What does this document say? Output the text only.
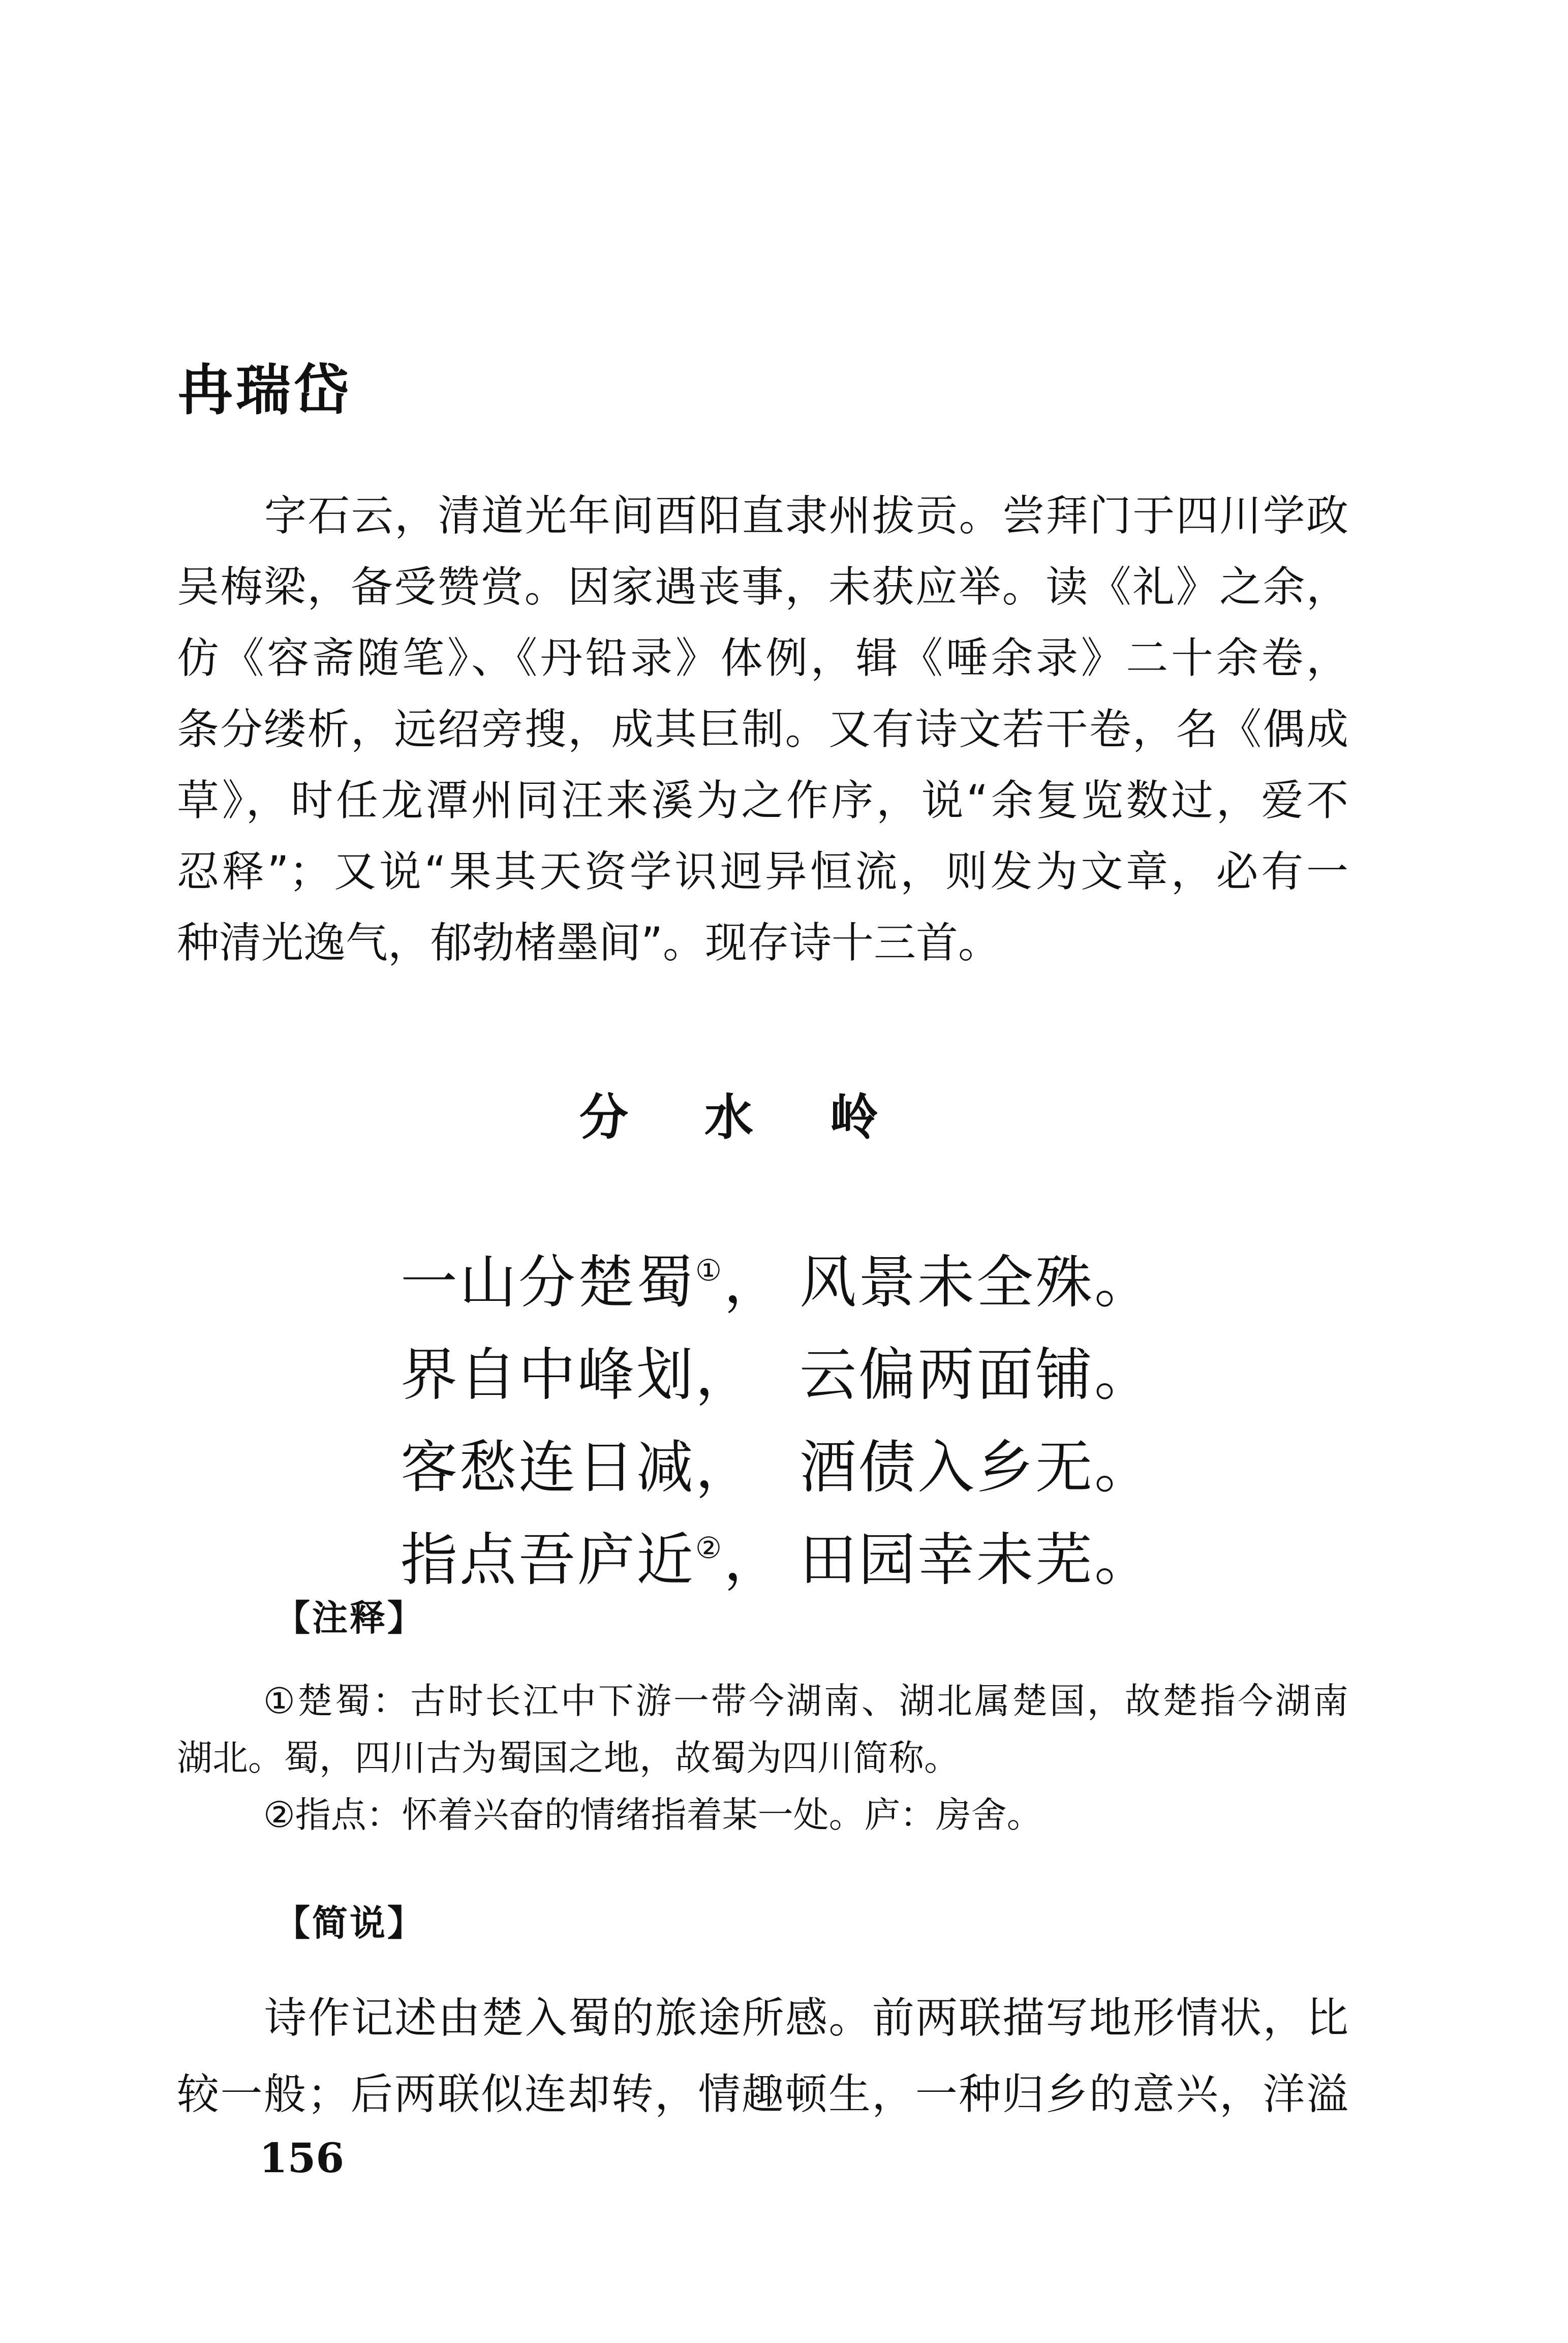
冉瑞岱
字石云，清道光年间酉阳直隶州拔贡。尝拜门于四川学政
吴梅梁，备受赞赏。因家遇丧事，未获应举。读《礼》之余，
仿《容斋随笔》、《丹铅录》体例，辑《唾余录》二十余卷，
条分缕析，远绍旁搜，成其巨制。又有诗文若干卷，名《偶成
草》，时任龙潭州同汪来溪为之作序，说“余复览数过，爱不
忍释”；又说“果其天资学识迥异恒流，则发为文章，必有一
种清光逸气，郁勃楮墨间”。现存诗十三首。
分水岭
一山分楚蜀①， 风景未全殊。
界自中峰划， 云偏两面铺。
客愁连日减， 酒债入乡无。
指点吾庐近②， 田园幸未芜。
【注释】
①楚蜀：古时长江中下游一带今湖南、湖北属楚国，故楚指今湖南
湖北。蜀，四川古为蜀国之地，故蜀为四川简称。
②指点：怀着兴奋的情绪指着某一处。庐：房舍。
【简说】
诗作记述由楚入蜀的旅途所感。前两联描写地形情状，比
较一般；后两联似连却转，情趣顿生，一种归乡的意兴，洋溢
156
